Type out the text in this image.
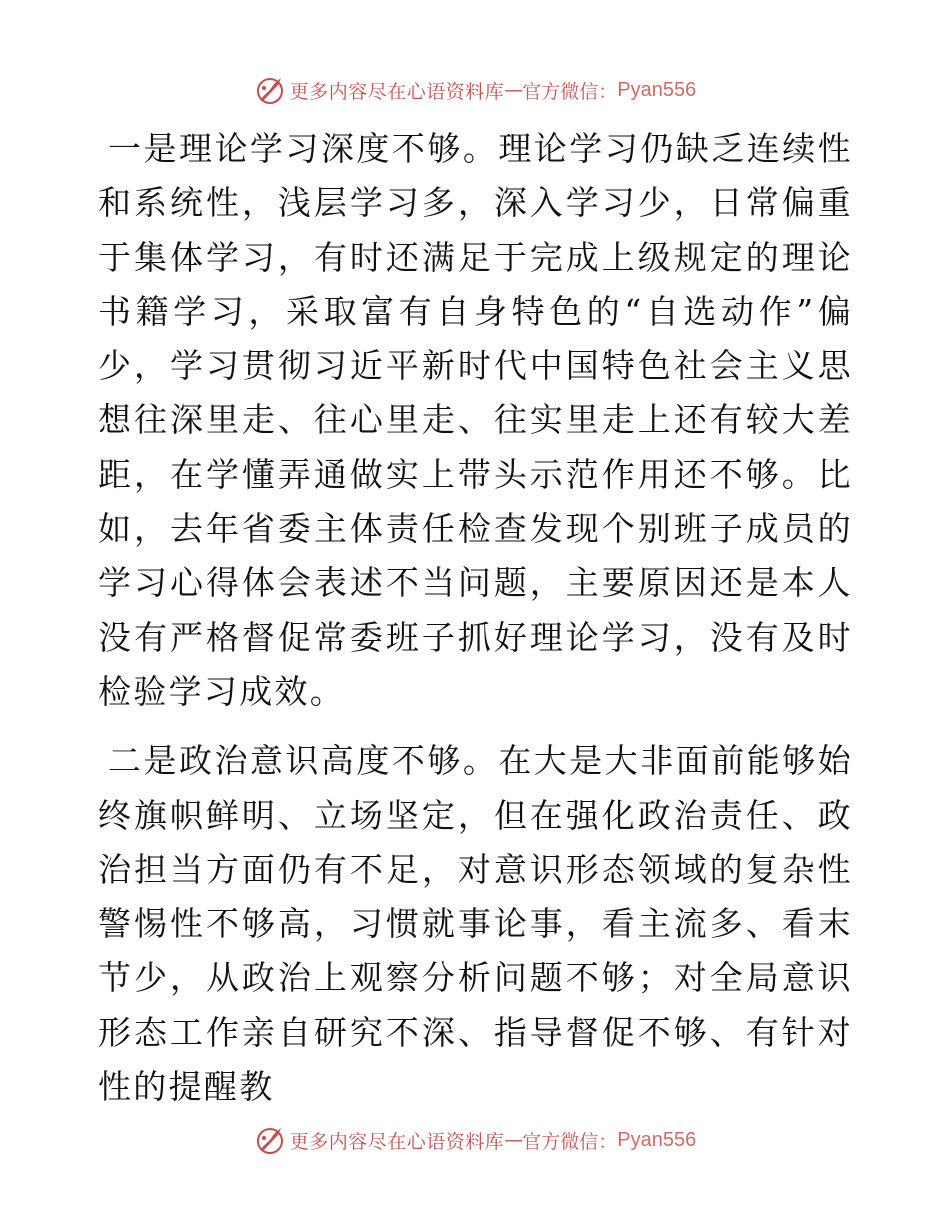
更多内容尽在心语资料库 — 官方微信： Pyan556

一是理论学习深度不够。理论学习仍缺乏连续性和系统性，浅层学习多，深入学习少，日常偏重于集体学习，有时还满足于完成上级规定的理论书籍学习，采取富有自身特色的“自选动作”偏少，学习贯彻习近平新时代中国特色社会主义思想往深里走、往心里走、往实里走上还有较大差距，在学懂弄通做实上带头示范作用还不够。比如，去年省委主体责任检查发现个别班子成员的学习心得体会表述不当问题，主要原因还是本人没有严格督促常委班子抓好理论学习，没有及时检验学习成效。

二是政治意识高度不够。在大是大非面前能够始终旗帜鲜明、立场坚定，但在强化政治责任、政治担当方面仍有不足，对意识形态领域的复杂性警惕性不够高，习惯就事论事，看主流多、看末节少，从政治上观察分析问题不够；对全局意识形态工作亲自研究不深、指导督促不够、有针对性的提醒教

更多内容尽在心语资料库 — 官方微信： Pyan556
